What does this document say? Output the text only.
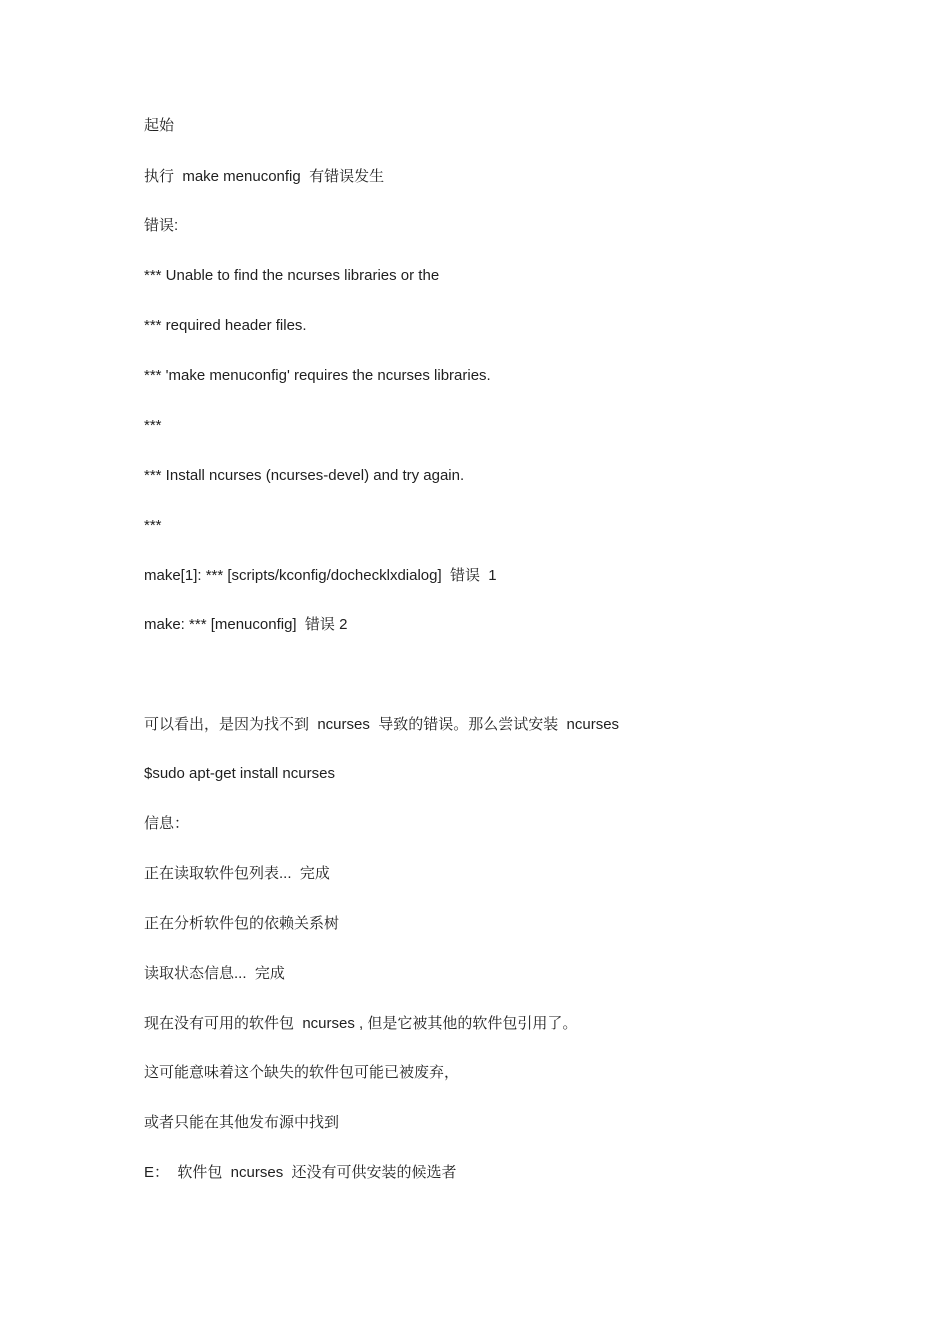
起始
执行  make menuconfig  有错误发生
错误:
*** Unable to find the ncurses libraries or the
*** required header files.
*** 'make menuconfig' requires the ncurses libraries.
***
*** Install ncurses (ncurses-devel) and try again.
***
make[1]: *** [scripts/kconfig/dochecklxdialog]  错误  1
make: *** [menuconfig]  错误 2
可以看出，是因为找不到  ncurses  导致的错误。那么尝试安装  ncurses
$sudo apt-get install ncurses
信息：
正在读取软件包列表...  完成
正在分析软件包的依赖关系树
读取状态信息...  完成
现在没有可用的软件包  ncurses , 但是它被其他的软件包引用了。
这可能意味着这个缺失的软件包可能已被废弃，
或者只能在其他发布源中找到
E：  软件包  ncurses  还没有可供安装的候选者
